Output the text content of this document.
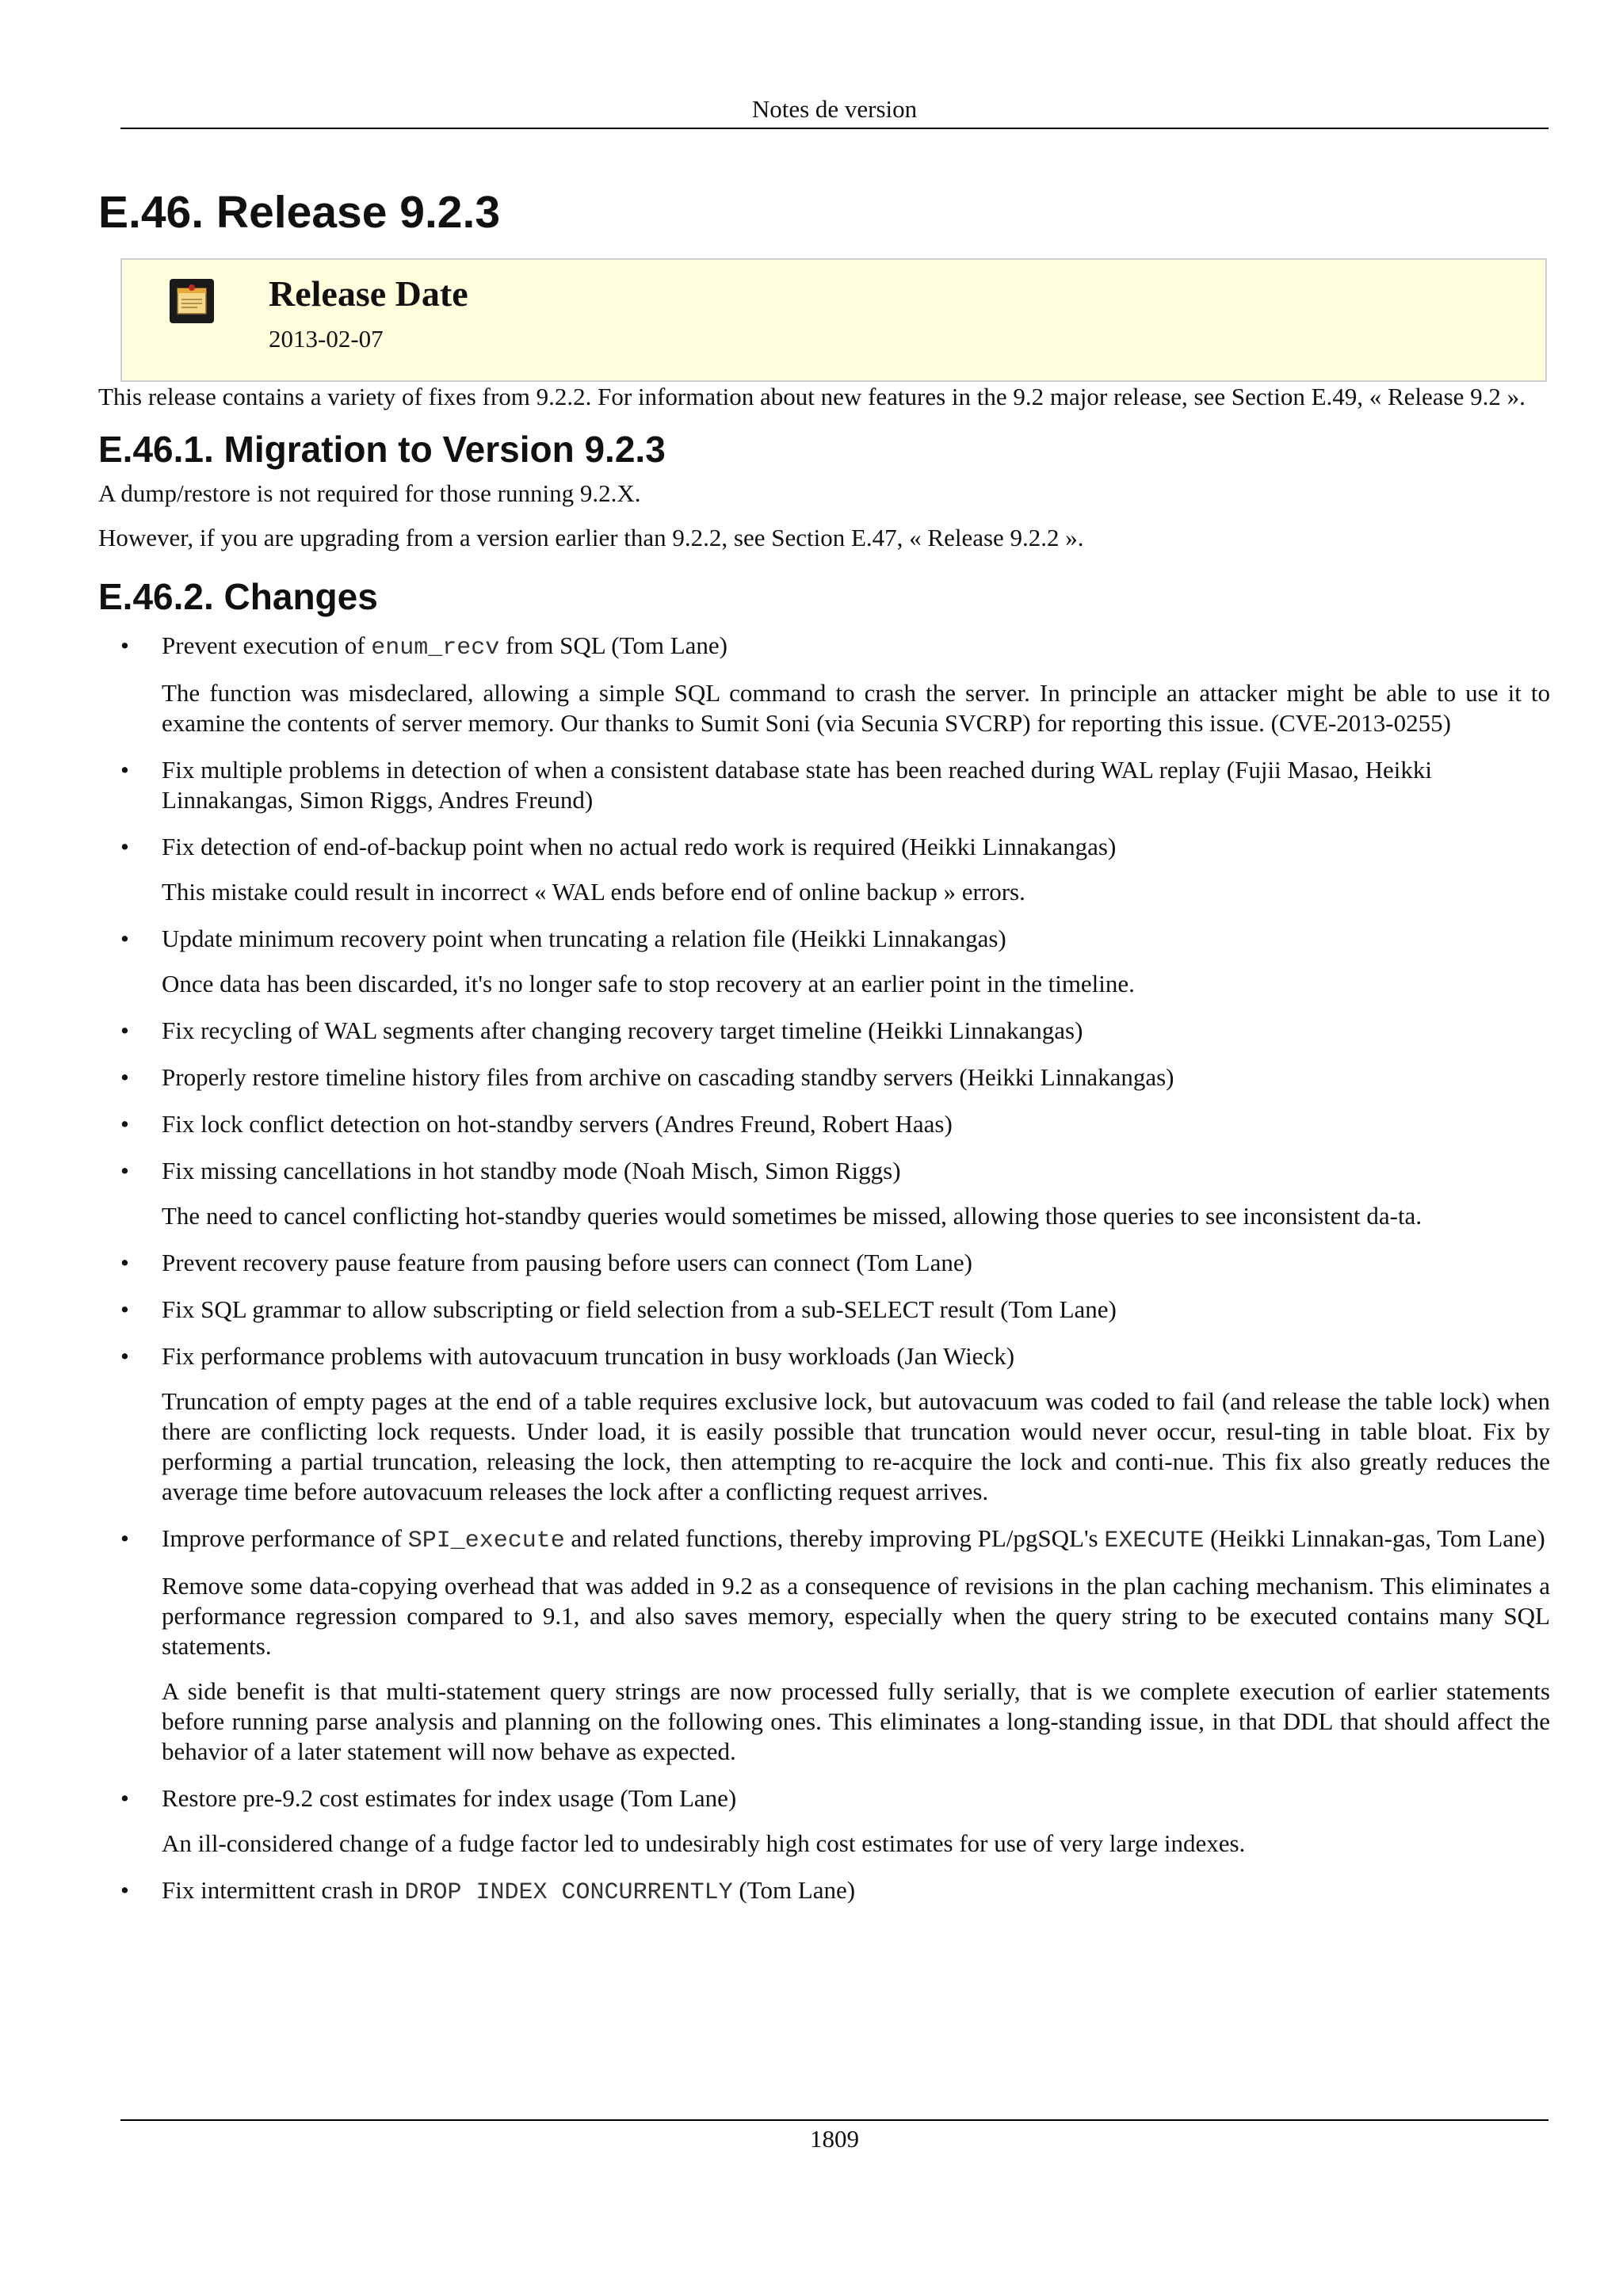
Notes de version
E.46. Release 9.2.3
Release Date
2013-02-07

This release contains a variety of fixes from 9.2.2. For information about new features in the 9.2 major release, see Section E.49, « Release 9.2 ».

E.46.1. Migration to Version 9.2.3

A dump/restore is not required for those running 9.2.X.

However, if you are upgrading from a version earlier than 9.2.2, see Section E.47, « Release 9.2.2 ».

E.46.2. Changes
• Prevent execution of enum_recv from SQL (Tom Lane)

The function was misdeclared, allowing a simple SQL command to crash the server. In principle an attacker might be able to use it to examine the contents of server memory. Our thanks to Sumit Soni (via Secunia SVCRP) for reporting this issue. (CVE-2013-0255)

• Fix multiple problems in detection of when a consistent database state has been reached during WAL replay (Fujii Masao, Heikki Linnakangas, Simon Riggs, Andres Freund)

• Fix detection of end-of-backup point when no actual redo work is required (Heikki Linnakangas)

This mistake could result in incorrect « WAL ends before end of online backup » errors.

• Update minimum recovery point when truncating a relation file (Heikki Linnakangas)

Once data has been discarded, it's no longer safe to stop recovery at an earlier point in the timeline.

• Fix recycling of WAL segments after changing recovery target timeline (Heikki Linnakangas)

• Properly restore timeline history files from archive on cascading standby servers (Heikki Linnakangas)

• Fix lock conflict detection on hot-standby servers (Andres Freund, Robert Haas)

• Fix missing cancellations in hot standby mode (Noah Misch, Simon Riggs)

The need to cancel conflicting hot-standby queries would sometimes be missed, allowing those queries to see inconsistent da-ta.

• Prevent recovery pause feature from pausing before users can connect (Tom Lane)

• Fix SQL grammar to allow subscripting or field selection from a sub-SELECT result (Tom Lane)

• Fix performance problems with autovacuum truncation in busy workloads (Jan Wieck)

Truncation of empty pages at the end of a table requires exclusive lock, but autovacuum was coded to fail (and release the table lock) when there are conflicting lock requests. Under load, it is easily possible that truncation would never occur, resul-ting in table bloat. Fix by performing a partial truncation, releasing the lock, then attempting to re-acquire the lock and conti-nue. This fix also greatly reduces the average time before autovacuum releases the lock after a conflicting request arrives.

• Improve performance of SPI_execute and related functions, thereby improving PL/pgSQL's EXECUTE (Heikki Linnakan-gas, Tom Lane)

Remove some data-copying overhead that was added in 9.2 as a consequence of revisions in the plan caching mechanism. This eliminates a performance regression compared to 9.1, and also saves memory, especially when the query string to be executed contains many SQL statements.

A side benefit is that multi-statement query strings are now processed fully serially, that is we complete execution of earlier statements before running parse analysis and planning on the following ones. This eliminates a long-standing issue, in that DDL that should affect the behavior of a later statement will now behave as expected.

• Restore pre-9.2 cost estimates for index usage (Tom Lane)

An ill-considered change of a fudge factor led to undesirably high cost estimates for use of very large indexes.

• Fix intermittent crash in DROP INDEX CONCURRENTLY (Tom Lane)

1809
